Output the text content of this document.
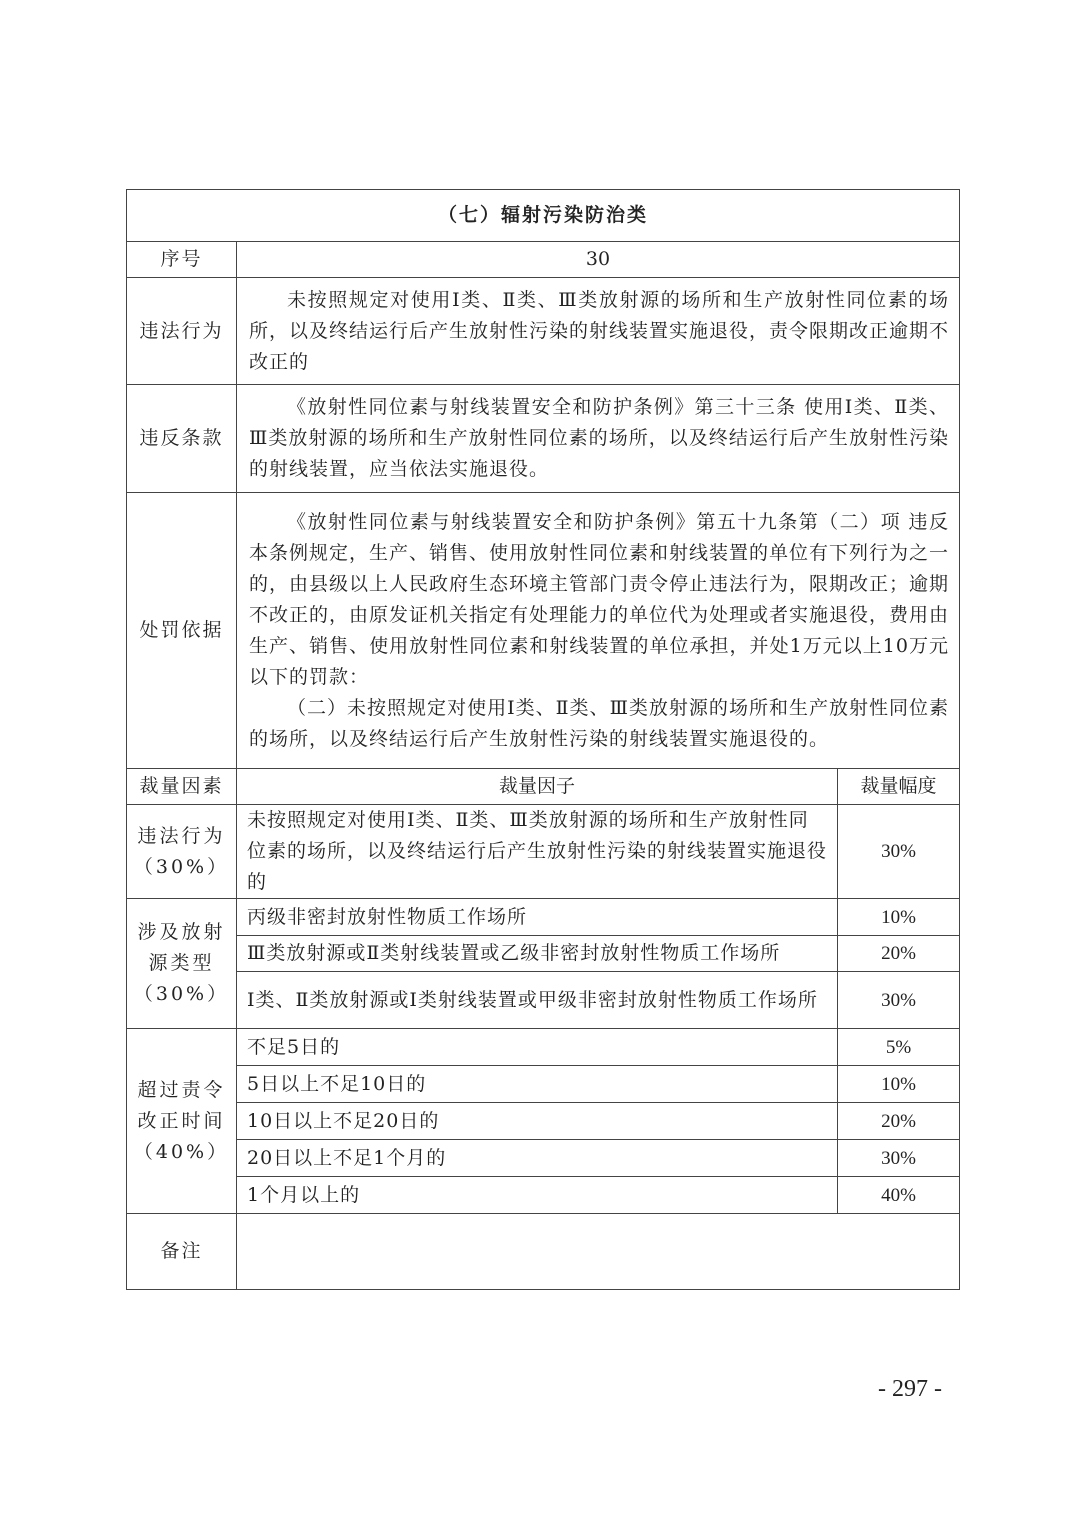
（七）辐射污染防治类		
序号	30	
违法行为	未按照规定对使用Ⅰ类、Ⅱ类、Ⅲ类放射源的场所和生产放射性同位素的场所，以及终结运行后产生放射性污染的射线装置实施退役，责令限期改正逾期不改正的	

违反条款	《放射性同位素与射线装置安全和防护条例》第三十三条 使用Ⅰ类、Ⅱ类、Ⅲ类放射源的场所和生产放射性同位素的场所，以及终结运行后产生放射性污染的射线装置，应当依法实施退役。	

处罚依据	《放射性同位素与射线装置安全和防护条例》第五十九条第（二）项 违反本条例规定，生产、销售、使用放射性同位素和射线装置的单位有下列行为之一的，由县级以上人民政府生态环境主管部门责令停止违法行为，限期改正；逾期不改正的，由原发证机关指定有处理能力的单位代为处理或者实施退役，费用由生产、销售、使用放射性同位素和射线装置的单位承担，并处1万元以上10万元以下的罚款：

（二）未按照规定对使用Ⅰ类、Ⅱ类、Ⅲ类放射源的场所和生产放射性同位素的场所，以及终结运行后产生放射性污染的射线装置实施退役的。	

裁量因素	裁量因子	裁量幅度

违法行为
（30%）	未按照规定对使用Ⅰ类、Ⅱ类、Ⅲ类放射源的场所和生产放射性同位素的场所，以及终结运行后产生放射性污染的射线装置实施退役的	30%

涉及放射
源类型
（30%）	丙级非密封放射性物质工作场所	10%
	Ⅲ类放射源或Ⅱ类射线装置或乙级非密封放射性物质工作场所	20%
	Ⅰ类、Ⅱ类放射源或Ⅰ类射线装置或甲级非密封放射性物质工作场所	30%

超过责令
改正时间
（40%）	不足5日的	5%
	5日以上不足10日的	10%
	10日以上不足20日的	20%
	20日以上不足1个月的	30%
	1个月以上的	40%
备注		
- 297 -
